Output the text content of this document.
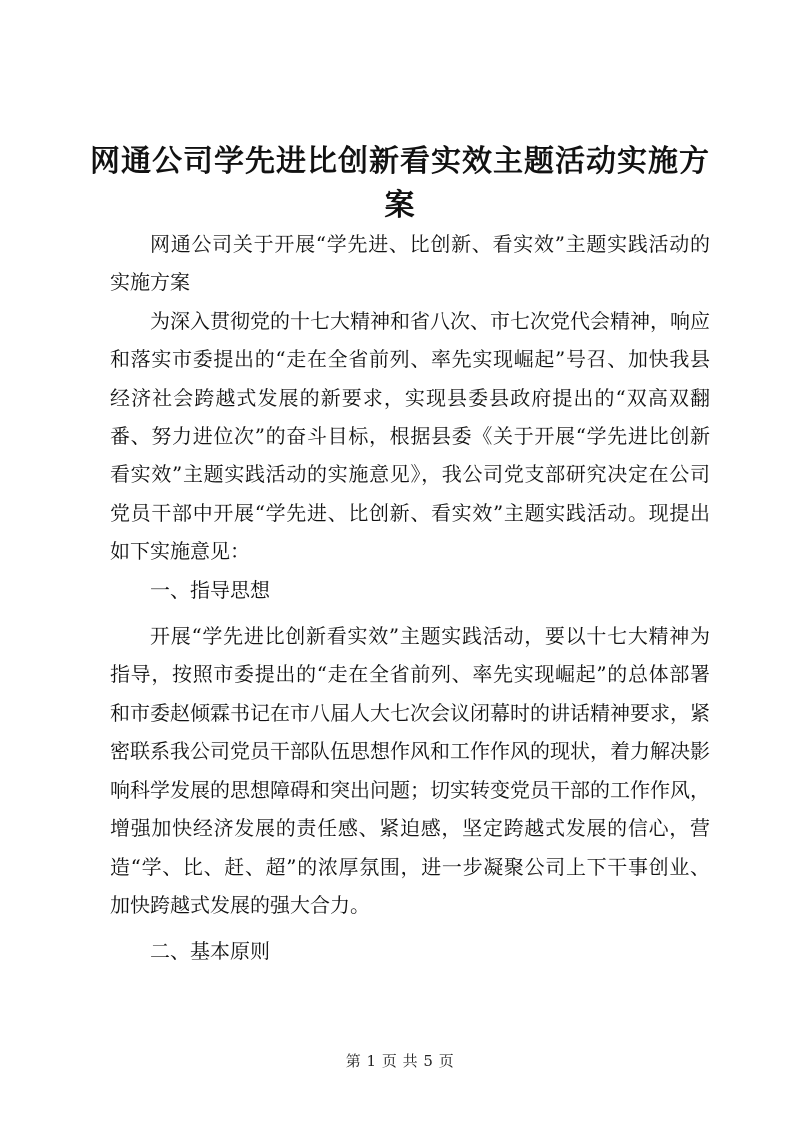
网通公司学先进比创新看实效主题活动实施方案

网通公司关于开展“学先进、比创新、看实效”主题实践活动的实施方案

为深入贯彻党的十七大精神和省八次、市七次党代会精神，响应和落实市委提出的“走在全省前列、率先实现崛起”号召、加快我县经济社会跨越式发展的新要求，实现县委县政府提出的“双高双翻番、努力进位次”的奋斗目标，根据县委《关于开展“学先进比创新看实效”主题实践活动的实施意见》，我公司党支部研究决定在公司党员干部中开展“学先进、比创新、看实效”主题实践活动。现提出如下实施意见：

一、指导思想

开展“学先进比创新看实效”主题实践活动，要以十七大精神为指导，按照市委提出的“走在全省前列、率先实现崛起”的总体部署和市委赵倾霖书记在市八届人大七次会议闭幕时的讲话精神要求，紧密联系我公司党员干部队伍思想作风和工作作风的现状，着力解决影响科学发展的思想障碍和突出问题；切实转变党员干部的工作作风，增强加快经济发展的责任感、紧迫感，坚定跨越式发展的信心，营造“学、比、赶、超”的浓厚氛围，进一步凝聚公司上下干事创业、加快跨越式发展的强大合力。

二、基本原则

第 1 页 共 5 页
